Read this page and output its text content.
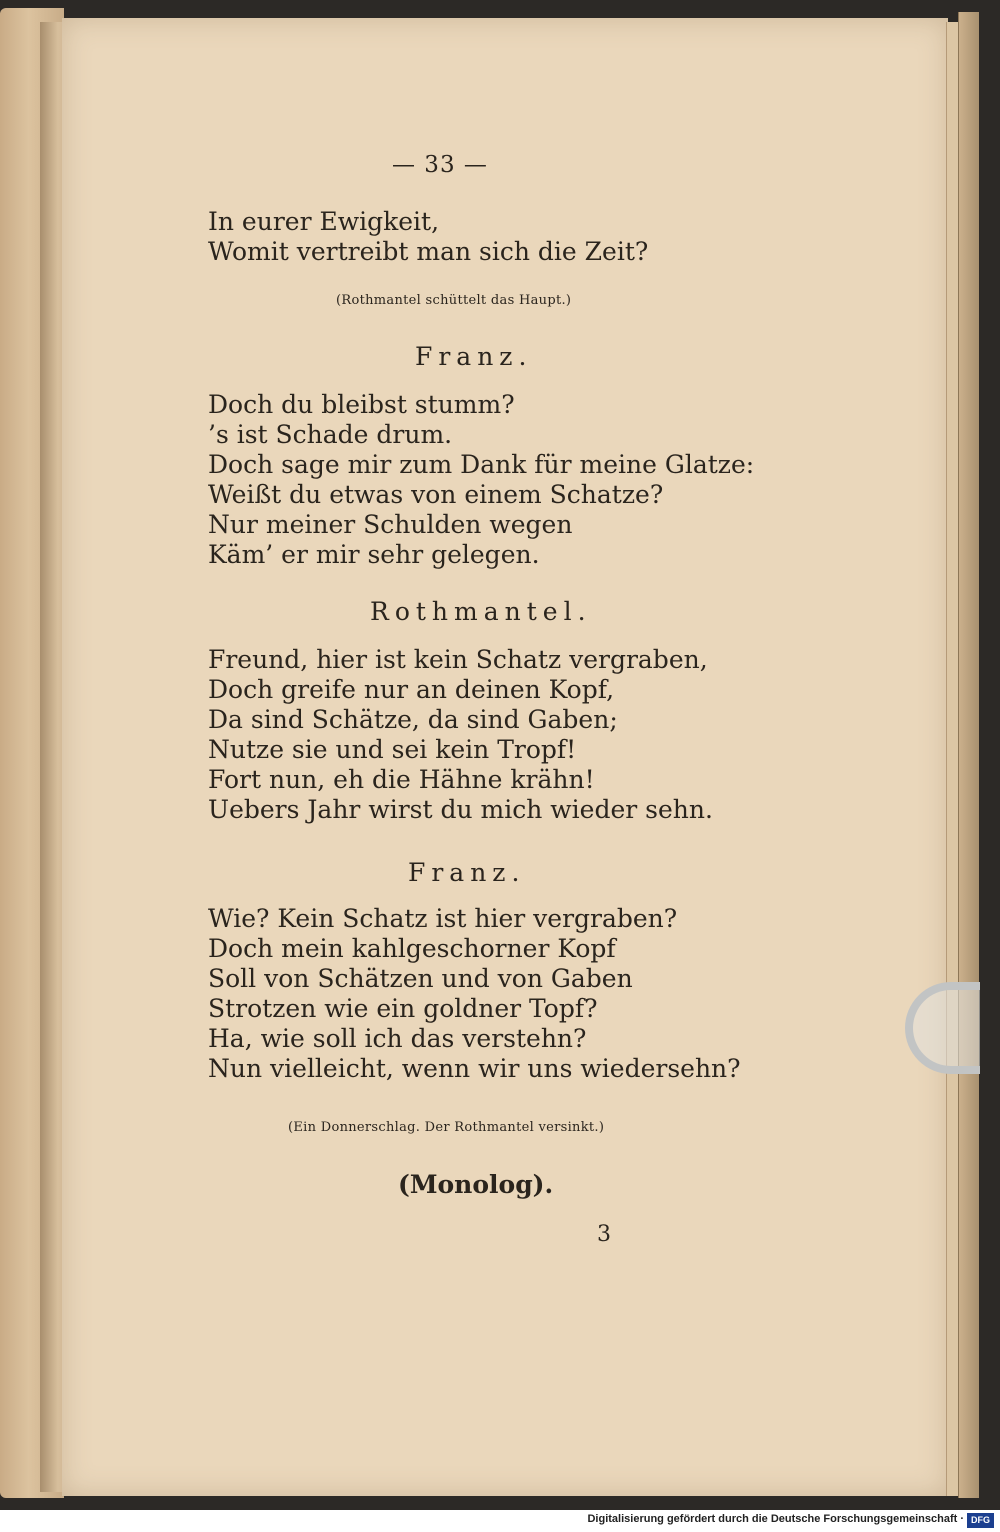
— 33 —
In eurer Ewigkeit,
Womit vertreibt man sich die Zeit?
(Rothmantel schüttelt das Haupt.)
Franz.
Doch du bleibst stumm?
’s ist Schade drum.
Doch sage mir zum Dank für meine Glatze:
Weißt du etwas von einem Schatze?
Nur meiner Schulden wegen
Käm’ er mir sehr gelegen.
Rothmantel.
Freund, hier ist kein Schatz vergraben,
Doch greife nur an deinen Kopf,
Da sind Schätze, da sind Gaben;
Nutze sie und sei kein Tropf!
Fort nun, eh die Hähne krähn!
Uebers Jahr wirst du mich wieder sehn.
Franz.
Wie? Kein Schatz ist hier vergraben?
Doch mein kahlgeschorner Kopf
Soll von Schätzen und von Gaben
Strotzen wie ein goldner Topf?
Ha, wie soll ich das verstehn?
Nun vielleicht, wenn wir uns wiedersehn?
(Ein Donnerschlag. Der Rothmantel versinkt.)
(Monolog).
3
Digitalisierung gefördert durch die Deutsche Forschungsgemeinschaft · DFG
